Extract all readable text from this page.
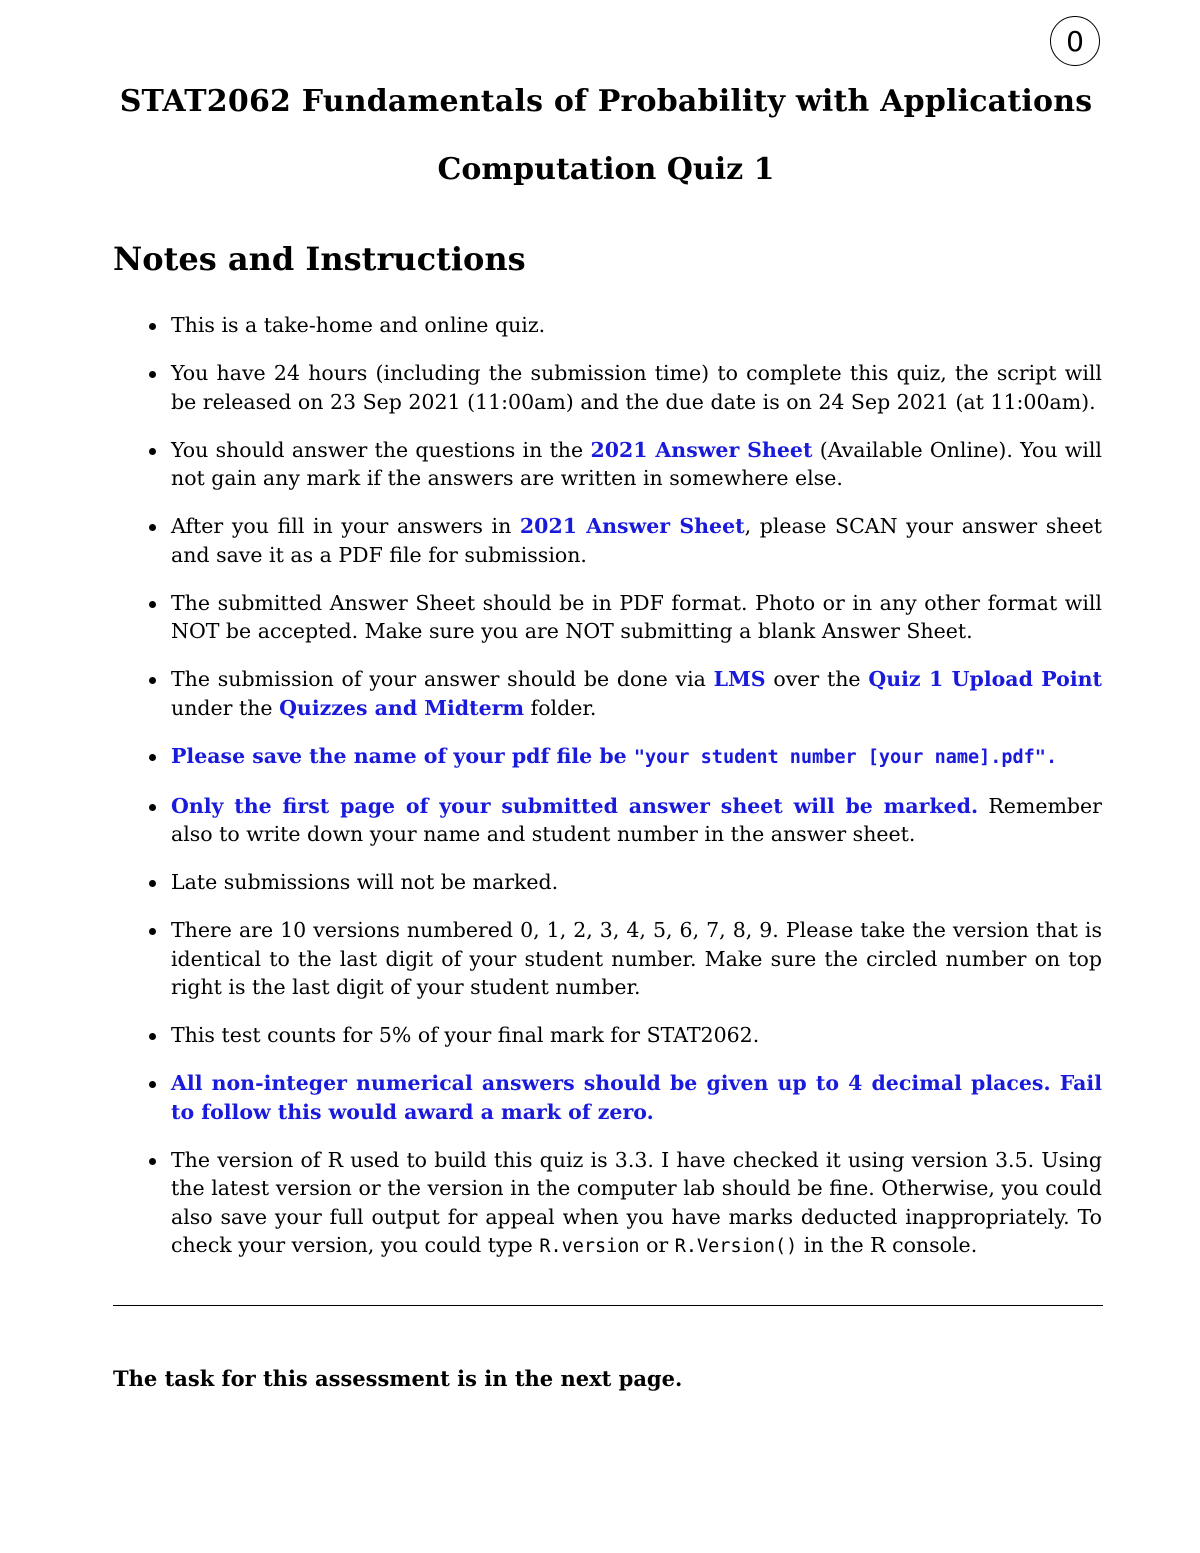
0
STAT2062 Fundamentals of Probability with Applications
Computation Quiz 1
Notes and Instructions
This is a take-home and online quiz.
You have 24 hours (including the submission time) to complete this quiz, the script will be released on 23 Sep 2021 (11:00am) and the due date is on 24 Sep 2021 (at 11:00am).
You should answer the questions in the 2021 Answer Sheet (Available Online). You will not gain any mark if the answers are written in somewhere else.
After you fill in your answers in 2021 Answer Sheet, please SCAN your answer sheet and save it as a PDF file for submission.
The submitted Answer Sheet should be in PDF format. Photo or in any other format will NOT be accepted. Make sure you are NOT submitting a blank Answer Sheet.
The submission of your answer should be done via LMS over the Quiz 1 Upload Point under the Quizzes and Midterm folder.
Please save the name of your pdf file be "your student number [your name].pdf".
Only the first page of your submitted answer sheet will be marked. Remember also to write down your name and student number in the answer sheet.
Late submissions will not be marked.
There are 10 versions numbered 0, 1, 2, 3, 4, 5, 6, 7, 8, 9. Please take the version that is identical to the last digit of your student number. Make sure the circled number on top right is the last digit of your student number.
This test counts for 5% of your final mark for STAT2062.
All non-integer numerical answers should be given up to 4 decimal places. Fail to follow this would award a mark of zero.
The version of R used to build this quiz is 3.3. I have checked it using version 3.5. Using the latest version or the version in the computer lab should be fine. Otherwise, you could also save your full output for appeal when you have marks deducted inappropriately. To check your version, you could type R.version or R.Version() in the R console.
The task for this assessment is in the next page.
